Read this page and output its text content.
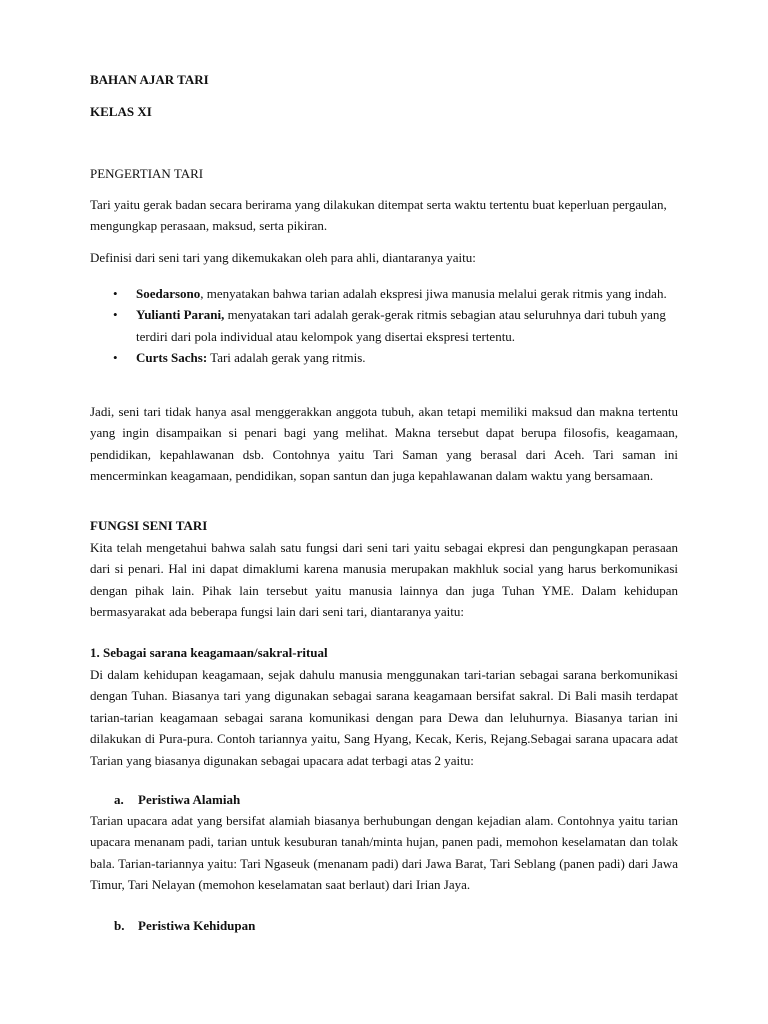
BAHAN AJAR TARI
KELAS XI
PENGERTIAN TARI

Tari yaitu gerak badan secara berirama yang dilakukan ditempat serta waktu tertentu buat keperluan pergaulan, mengungkap perasaan, maksud, serta pikiran.

Definisi dari seni tari yang dikemukakan oleh para ahli, diantaranya yaitu:

• Soedarsono, menyatakan bahwa tarian adalah ekspresi jiwa manusia melalui gerak ritmis yang indah.
• Yulianti Parani, menyatakan tari adalah gerak-gerak ritmis sebagian atau seluruhnya dari tubuh yang terdiri dari pola individual atau kelompok yang disertai ekspresi tertentu.
• Curts Sachs: Tari adalah gerak yang ritmis.

Jadi, seni tari tidak hanya asal menggerakkan anggota tubuh, akan tetapi memiliki maksud dan makna tertentu yang ingin disampaikan si penari bagi yang melihat. Makna tersebut dapat berupa filosofis, keagamaan, pendidikan, kepahlawanan dsb. Contohnya yaitu Tari Saman yang berasal dari Aceh. Tari saman ini mencerminkan keagamaan, pendidikan, sopan santun dan juga kepahlawanan dalam waktu yang bersamaan.

FUNGSI SENI TARI

Kita telah mengetahui bahwa salah satu fungsi dari seni tari yaitu sebagai ekpresi dan pengungkapan perasaan dari si penari. Hal ini dapat dimaklumi karena manusia merupakan makhluk social yang harus berkomunikasi dengan pihak lain. Pihak lain tersebut yaitu manusia lainnya dan juga Tuhan YME. Dalam kehidupan bermasyarakat ada beberapa fungsi lain dari seni tari, diantaranya yaitu:

1. Sebagai sarana keagamaan/sakral-ritual

Di dalam kehidupan keagamaan, sejak dahulu manusia menggunakan tari-tarian sebagai sarana berkomunikasi dengan Tuhan. Biasanya tari yang digunakan sebagai sarana keagamaan bersifat sakral. Di Bali masih terdapat tarian-tarian keagamaan sebagai sarana komunikasi dengan para Dewa dan leluhurnya. Biasanya tarian ini dilakukan di Pura-pura. Contoh tariannya yaitu, Sang Hyang, Kecak, Keris, Rejang.Sebagai sarana upacara adat Tarian yang biasanya digunakan sebagai upacara adat terbagi atas 2 yaitu:

a. Peristiwa Alamiah

Tarian upacara adat yang bersifat alamiah biasanya berhubungan dengan kejadian alam. Contohnya yaitu tarian upacara menanam padi, tarian untuk kesuburan tanah/minta hujan, panen padi, memohon keselamatan dan tolak bala. Tarian-tariannya yaitu: Tari Ngaseuk (menanam padi) dari Jawa Barat, Tari Seblang (panen padi) dari Jawa Timur, Tari Nelayan (memohon keselamatan saat berlaut) dari Irian Jaya.

b. Peristiwa Kehidupan
